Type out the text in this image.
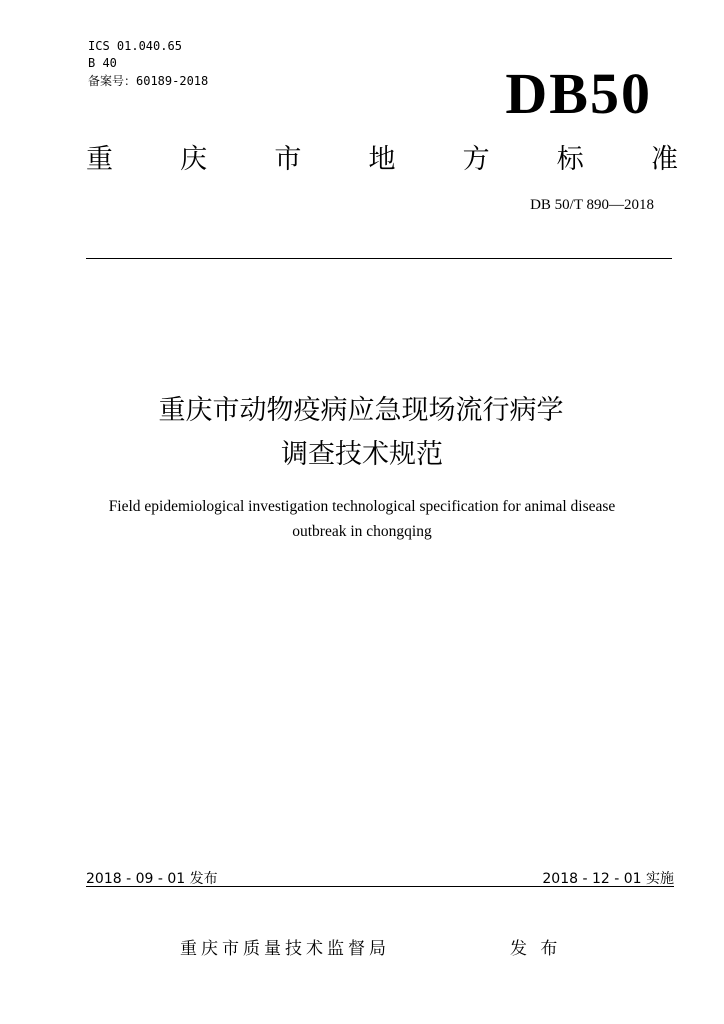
ICS 01.040.65
B 40
备案号：60189-2018	DB50
重 庆 市 地 方 标 准
DB 50/T 890—2018
重庆市动物疫病应急现场流行病学
调查技术规范
Field epidemiological investigation technological specification for animal disease
outbreak in chongqing
2018 - 09 - 01 发布	2018 - 12 - 01 实施
重庆市质量技术监督局	发 布
